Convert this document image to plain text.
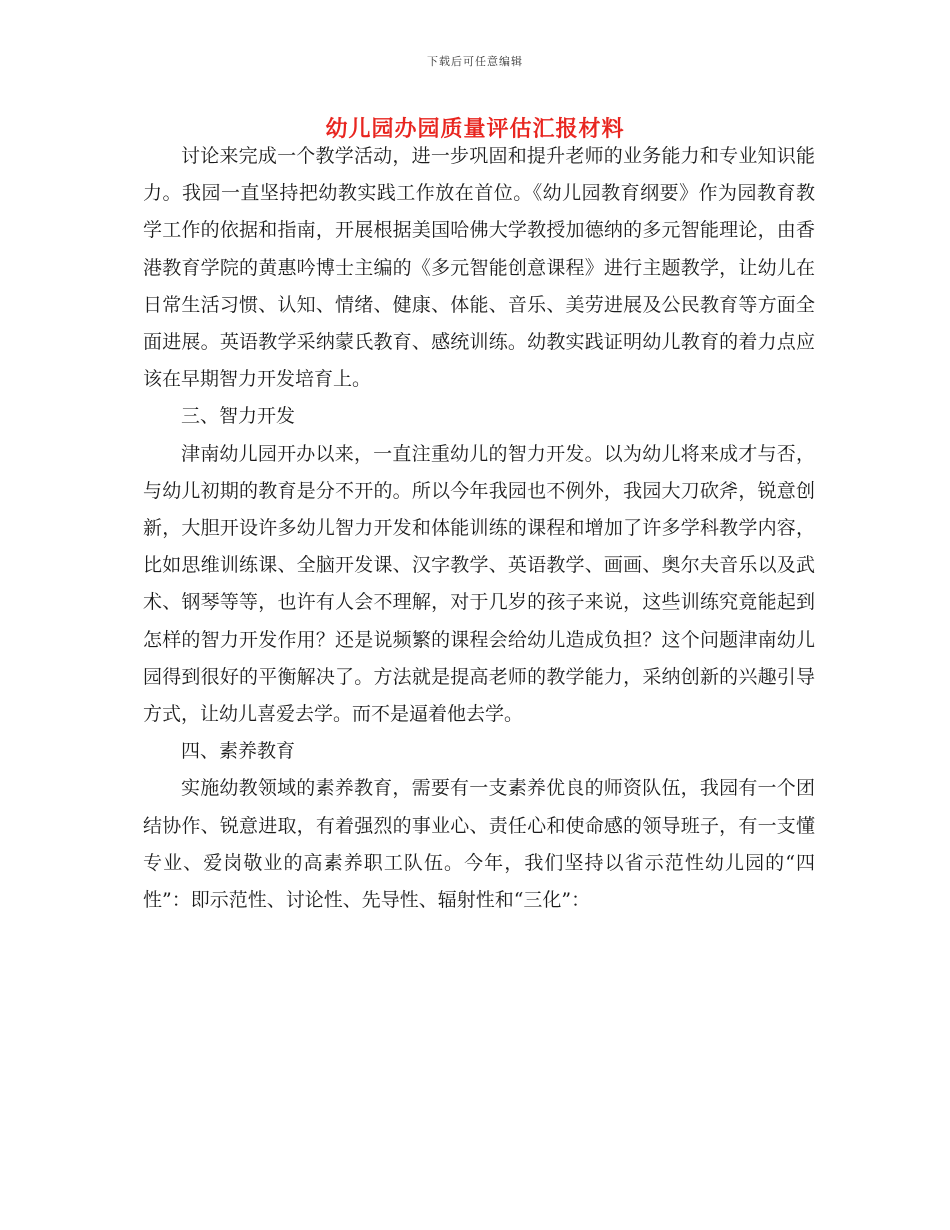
下载后可任意编辑
幼儿园办园质量评估汇报材料

讨论来完成一个教学活动，进一步巩固和提升老师的业务能力和专业知识能力。我园一直坚持把幼教实践工作放在首位。《幼儿园教育纲要》作为园教育教学工作的依据和指南，开展根据美国哈佛大学教授加德纳的多元智能理论，由香港教育学院的黄惠吟博士主编的《多元智能创意课程》进行主题教学，让幼儿在日常生活习惯、认知、情绪、健康、体能、音乐、美劳进展及公民教育等方面全面进展。英语教学采纳蒙氏教育、感统训练。幼教实践证明幼儿教育的着力点应该在早期智力开发培育上。

三、智力开发

津南幼儿园开办以来，一直注重幼儿的智力开发。以为幼儿将来成才与否，与幼儿初期的教育是分不开的。所以今年我园也不例外，我园大刀砍斧，锐意创新，大胆开设许多幼儿智力开发和体能训练的课程和增加了许多学科教学内容，比如思维训练课、全脑开发课、汉字教学、英语教学、画画、奥尔夫音乐以及武术、钢琴等等，也许有人会不理解，对于几岁的孩子来说，这些训练究竟能起到怎样的智力开发作用？还是说频繁的课程会给幼儿造成负担？这个问题津南幼儿园得到很好的平衡解决了。方法就是提高老师的教学能力，采纳创新的兴趣引导方式，让幼儿喜爱去学。而不是逼着他去学。

四、素养教育

实施幼教领域的素养教育，需要有一支素养优良的师资队伍，我园有一个团结协作、锐意进取，有着强烈的事业心、责任心和使命感的领导班子，有一支懂专业、爱岗敬业的高素养职工队伍。今年，我们坚持以省示范性幼儿园的“四性”：即示范性、讨论性、先导性、辐射性和“三化”：
